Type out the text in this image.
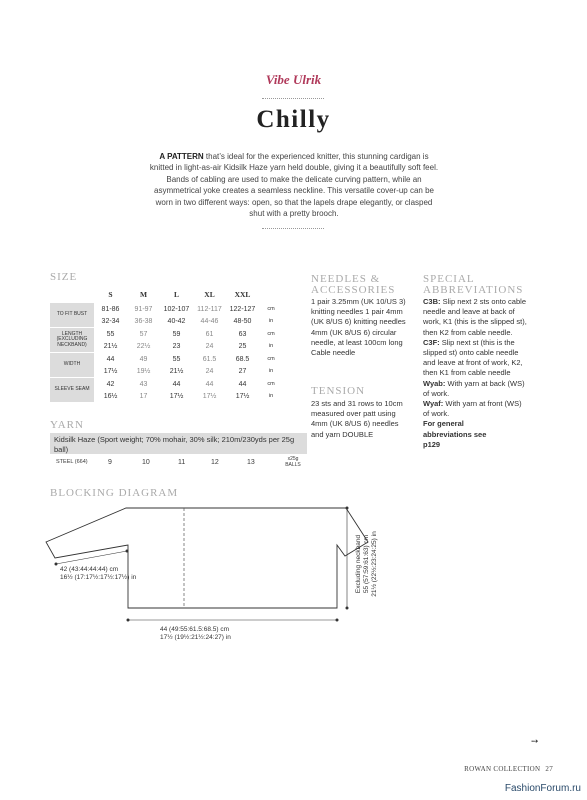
Vibe Ulrik
Chilly
A PATTERN that’s ideal for the experienced knitter, this stunning cardigan is knitted in light-as-air Kidsilk Haze yarn held double, giving it a beautifully soft feel. Bands of cabling are used to make the delicate curving pattern, while an asymmetrical yoke creates a seamless neckline. This versatile cover-up can be worn in two different ways: open, so that the lapels drape elegantly, or clasped shut with a pretty brooch.
SIZE
	S	M	L	XL	XXL	
TO FIT BUST	81-86	91-97	102-107	112-117	122-127	cm
	32-34	36-38	40-42	44-46	48-50	in
LENGTH (EXCLUDING NECKBAND)	55	57	59	61	63	cm
	21½	22½	23	24	25	in
WIDTH	44	49	55	61.5	68.5	cm
	17½	19½	21½	24	27	in
SLEEVE SEAM	42	43	44	44	44	cm
	16½	17	17½	17½	17½	in
YARN
Kidsilk Haze (Sport weight; 70% mohair, 30% silk; 210m/230yds per 25g ball)
STEEL (664)	9	10	11	12	13	x25g BALLS
NEEDLES & ACCESSORIES
1 pair 3.25mm (UK 10/US 3) knitting needles 1 pair 4mm (UK 8/US 6) knitting needles 4mm (UK 8/US 6) circular needle, at least 100cm long Cable needle
TENSION
23 sts and 31 rows to 10cm measured over patt using 4mm (UK 8/US 6) needles and yarn DOUBLE
SPECIAL ABBREVIATIONS
C3B: Slip next 2 sts onto cable needle and leave at back of work, K1 (this is the slipped st), then K2 from cable needle.
C3F: Slip next st (this is the slipped st) onto cable needle and leave at front of work, K2, then K1 from cable needle
Wyab: With yarn at back (WS) of work.
Wyaf: With yarn at front (WS) of work.
For general abbreviations see p129
BLOCKING DIAGRAM
42 (43:44:44:44) cm
16½ (17:17½:17½:17½) in
44 (49:55:61.5:68.5) cm
17½ (19½:21½:24:27) in
Excluding neckband 55 (57:59:61:63) cm 21½ (22½:23:24:25) in
➙
ROWAN COLLECTION 27
FashionForum.ru
